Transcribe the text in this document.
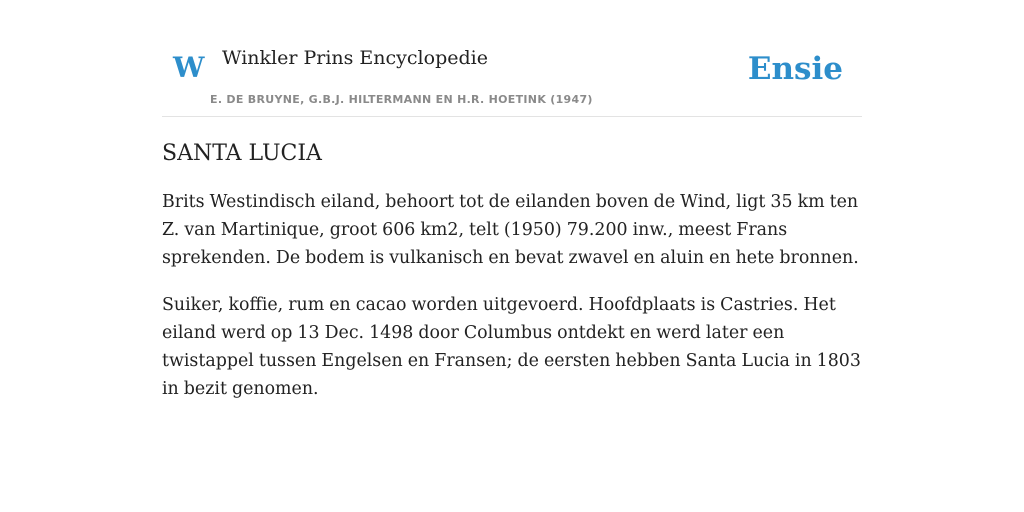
W Winkler Prins Encyclopedie
E. DE BRUYNE, G.B.J. HILTERMANN EN H.R. HOETINK (1947)
Ensie
SANTA LUCIA

Brits Westindisch eiland, behoort tot de eilanden boven de Wind, ligt 35 km ten Z. van Martinique, groot 606 km2, telt (1950) 79.200 inw., meest Frans sprekenden. De bodem is vulkanisch en bevat zwavel en aluin en hete bronnen.

Suiker, koffie, rum en cacao worden uitgevoerd. Hoofdplaats is Castries. Het eiland werd op 13 Dec. 1498 door Columbus ontdekt en werd later een twistappel tussen Engelsen en Fransen; de eersten hebben Santa Lucia in 1803 in bezit genomen.
